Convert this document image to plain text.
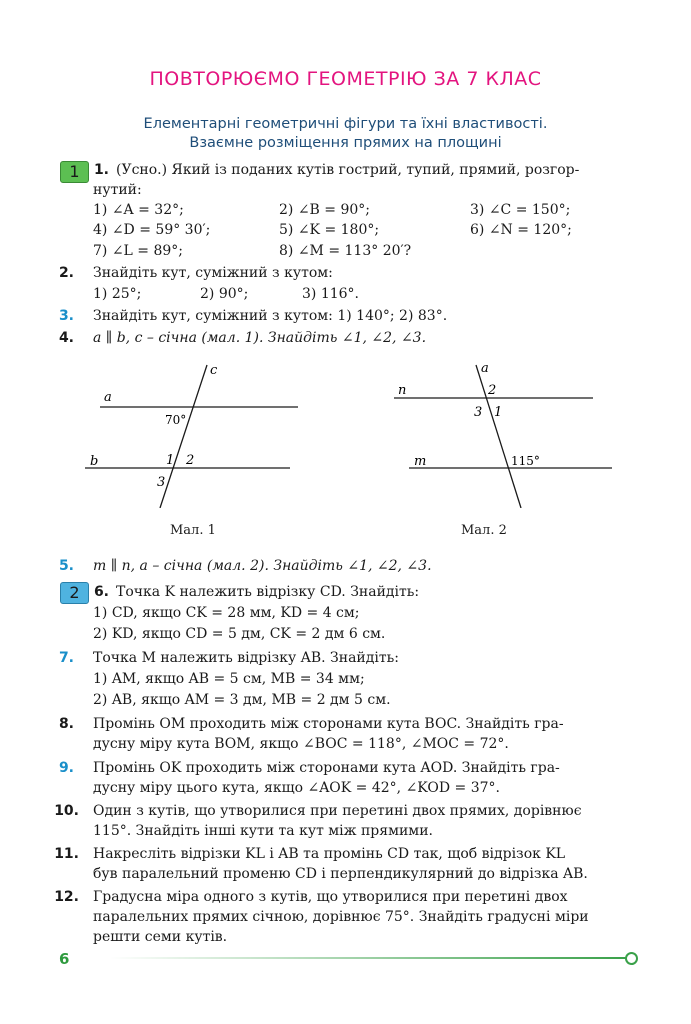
ПОВТОРЮЄМО ГЕОМЕТРІЮ ЗА 7 КЛАС
Елементарні геометричні фігури та їхні властивості.
Взаємне розміщення прямих на площині
1	1. (Усно.) Який із поданих кутів гострий, тупий, прямий, розгор-
нутий:
1) ∠A = 32°;	2) ∠B = 90°;	3) ∠C = 150°;
4) ∠D = 59° 30′;	5) ∠K = 180°;	6) ∠N = 120°;
7) ∠L = 89°;	8) ∠M = 113° 20′?
2. Знайдіть кут, суміжний з кутом:
1) 25°;	2) 90°;	3) 116°.
3. Знайдіть кут, суміжний з кутом: 1) 140°; 2) 83°.
4. a ∥ b, c – січна (мал. 1). Знайдіть ∠1, ∠2, ∠3.
a
b
c
70°
1 2
3
Мал. 1
n
m
a
2
3 1
115°
Мал. 2
5. m ∥ n, a – січна (мал. 2). Знайдіть ∠1, ∠2, ∠3.
2	6. Точка K належить відрізку CD. Знайдіть:
1) CD, якщо CK = 28 мм, KD = 4 см;
2) KD, якщо CD = 5 дм, CK = 2 дм 6 см.
7. Точка M належить відрізку AB. Знайдіть:
1) AM, якщо AB = 5 см, MB = 34 мм;
2) AB, якщо AM = 3 дм, MB = 2 дм 5 см.
8. Промінь OM проходить між сторонами кута BOC. Знайдіть гра-
дусну міру кута BOM, якщо ∠BOC = 118°, ∠MOC = 72°.
9. Промінь OK проходить між сторонами кута AOD. Знайдіть гра-
дусну міру цього кута, якщо ∠AOK = 42°, ∠KOD = 37°.
10. Один з кутів, що утворилися при перетині двох прямих, дорівнює
115°. Знайдіть інші кути та кут між прямими.
11. Накресліть відрізки KL і AB та промінь CD так, щоб відрізок KL
був паралельний променю CD і перпендикулярний до відрізка AB.
12. Градусна міра одного з кутів, що утворилися при перетині двох
паралельних прямих січною, дорівнює 75°. Знайдіть градусні міри
решти семи кутів.
6
